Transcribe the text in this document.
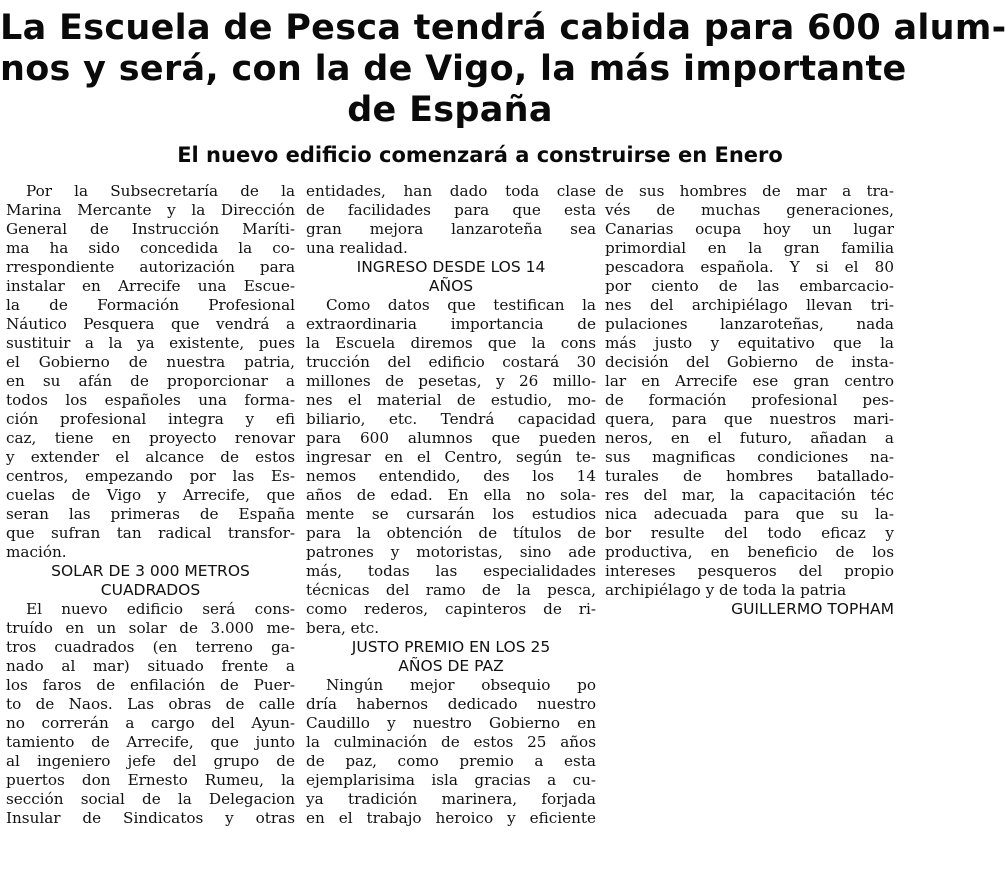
La Escuela de Pesca tendrá cabida para 600 alum-
nos y será, con la de Vigo, la más importante
de España
El nuevo edificio comenzará a construirse en Enero
Por la Subsecretaría de la
Marina Mercante y la Dirección
General de Instrucción Maríti-
ma ha sido concedida la co-
rrespondiente autorización para
instalar en Arrecife una Escue-
la de Formación Profesional
Náutico Pesquera que vendrá a
sustituir a la ya existente, pues
el Gobierno de nuestra patria,
en su afán de proporcionar a
todos los españoles una forma-
ción profesional integra y efi
caz, tiene en proyecto renovar
y extender el alcance de estos
centros, empezando por las Es-
cuelas de Vigo y Arrecife, que
seran las primeras de España
que sufran tan radical transfor-
mación.
SOLAR DE 3 000 METROS
CUADRADOS
El nuevo edificio será cons-
truído en un solar de 3.000 me-
tros cuadrados (en terreno ga-
nado al mar) situado frente a
los faros de enfilación de Puer-
to de Naos. Las obras de calle
no correrán a cargo del Ayun-
tamiento de Arrecife, que junto
al ingeniero jefe del grupo de
puertos don Ernesto Rumeu, la
sección social de la Delegacion
Insular de Sindicatos y otras
entidades, han dado toda clase
de facilidades para que esta
gran mejora lanzaroteña sea
una realidad.
INGRESO DESDE LOS 14
AÑOS
Como datos que testifican la
extraordinaria importancia de
la Escuela diremos que la cons
trucción del edificio costará 30
millones de pesetas, y 26 millo-
nes el material de estudio, mo-
biliario, etc. Tendrá capacidad
para 600 alumnos que pueden
ingresar en el Centro, según te-
nemos entendido, des los 14
años de edad. En ella no sola-
mente se cursarán los estudios
para la obtención de títulos de
patrones y motoristas, sino ade
más, todas las especialidades
técnicas del ramo de la pesca,
como rederos, capinteros de ri-
bera, etc.
JUSTO PREMIO EN LOS 25
AÑOS DE PAZ
Ningún mejor obsequio po
dría habernos dedicado nuestro
Caudillo y nuestro Gobierno en
la culminación de estos 25 años
de paz, como premio a esta
ejemplarisima isla gracias a cu-
ya tradición marinera, forjada
en el trabajo heroico y eficiente
de sus hombres de mar a tra-
vés de muchas generaciones,
Canarias ocupa hoy un lugar
primordial en la gran familia
pescadora española. Y si el 80
por ciento de las embarcacio-
nes del archipiélago llevan tri-
pulaciones lanzaroteñas, nada
más justo y equitativo que la
decisión del Gobierno de insta-
lar en Arrecife ese gran centro
de formación profesional pes-
quera, para que nuestros mari-
neros, en el futuro, añadan a
sus magnificas condiciones na-
turales de hombres batallado-
res del mar, la capacitación téc
nica adecuada para que su la-
bor resulte del todo eficaz y
productiva, en beneficio de los
intereses pesqueros del propio
archipiélago y de toda la patria
GUILLERMO TOPHAM
